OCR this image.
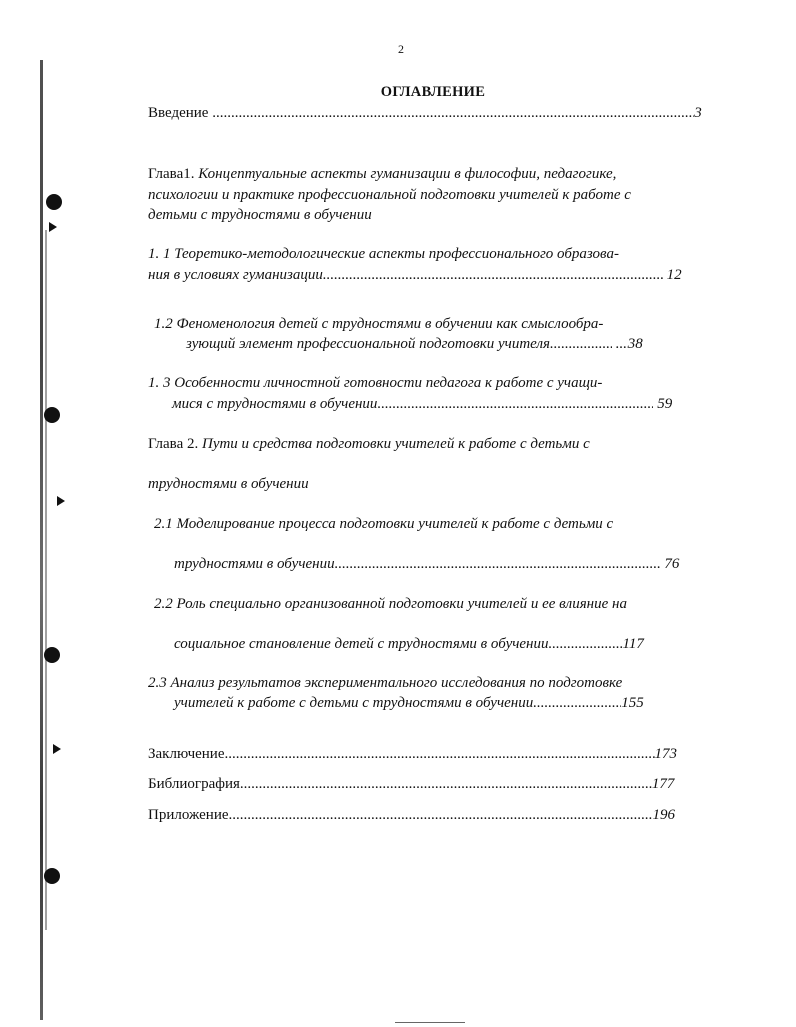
2
ОГЛАВЛЕНИЕ
Введение .....	3
Глава1. Концептуальные аспекты гуманизации в философии, педагогике,
психологии и практике профессиональной подготовки учителей к работе с
детьми с трудностями в обучении
1. 1 Теоретико-методологические аспекты профессионального образова-
ния в условиях гуманизации .....	12
1.2 Феноменология детей с трудностями в обучении как смыслообра-
зующий элемент профессиональной подготовки учителя ..... .....	38
1. 3 Особенности личностной готовности педагога к работе с учащи-
мися с трудностями в обучении .....	59
Глава 2. Пути и средства подготовки учителей к работе с детьми с
трудностями в обучении
2.1 Моделирование процесса подготовки учителей к работе с детьми с
трудностями в обучении .....	76
2.2 Роль специально организованной подготовки учителей и ее влияние на
социальное становление детей с трудностями в обучении .....	117
2.3 Анализ результатов экспериментального исследования по подготовке
учителей к работе с детьми с трудностями в обучении .....	155
Заключение .....	173
Библиография .....	177
Приложение .....	196
